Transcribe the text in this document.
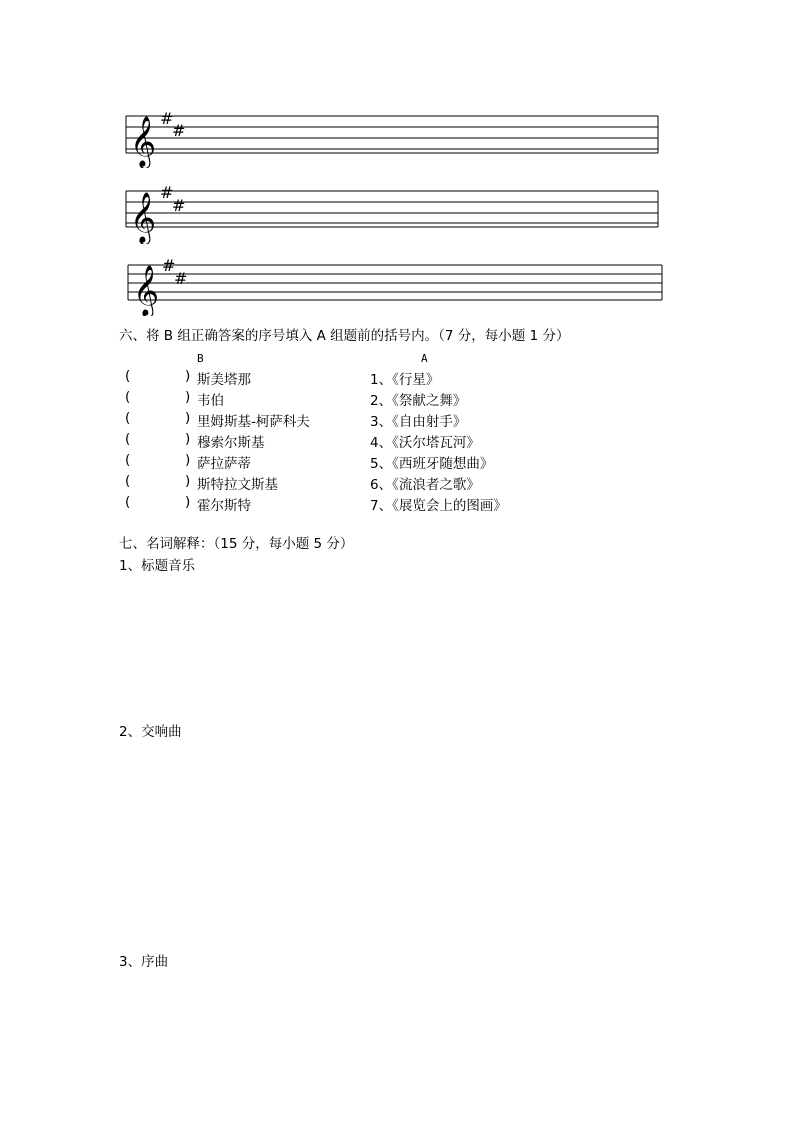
𝄞 #
#
𝄞 #
#
𝄞 #
#
六、将 B 组正确答案的序号填入 A 组题前的括号内。（7 分，每小题 1 分）
B	A
(	) 斯美塔那	1、《行星》
(	) 韦伯	2、《祭献之舞》
(	) 里姆斯基-柯萨科夫	3、《自由射手》
(	) 穆索尔斯基	4、《沃尔塔瓦河》
(	) 萨拉萨蒂	5、《西班牙随想曲》
(	) 斯特拉文斯基	6、《流浪者之歌》
(	) 霍尔斯特	7、《展览会上的图画》
七、名词解释：（15 分，每小题 5 分）
1、标题音乐
2、交响曲
3、序曲
